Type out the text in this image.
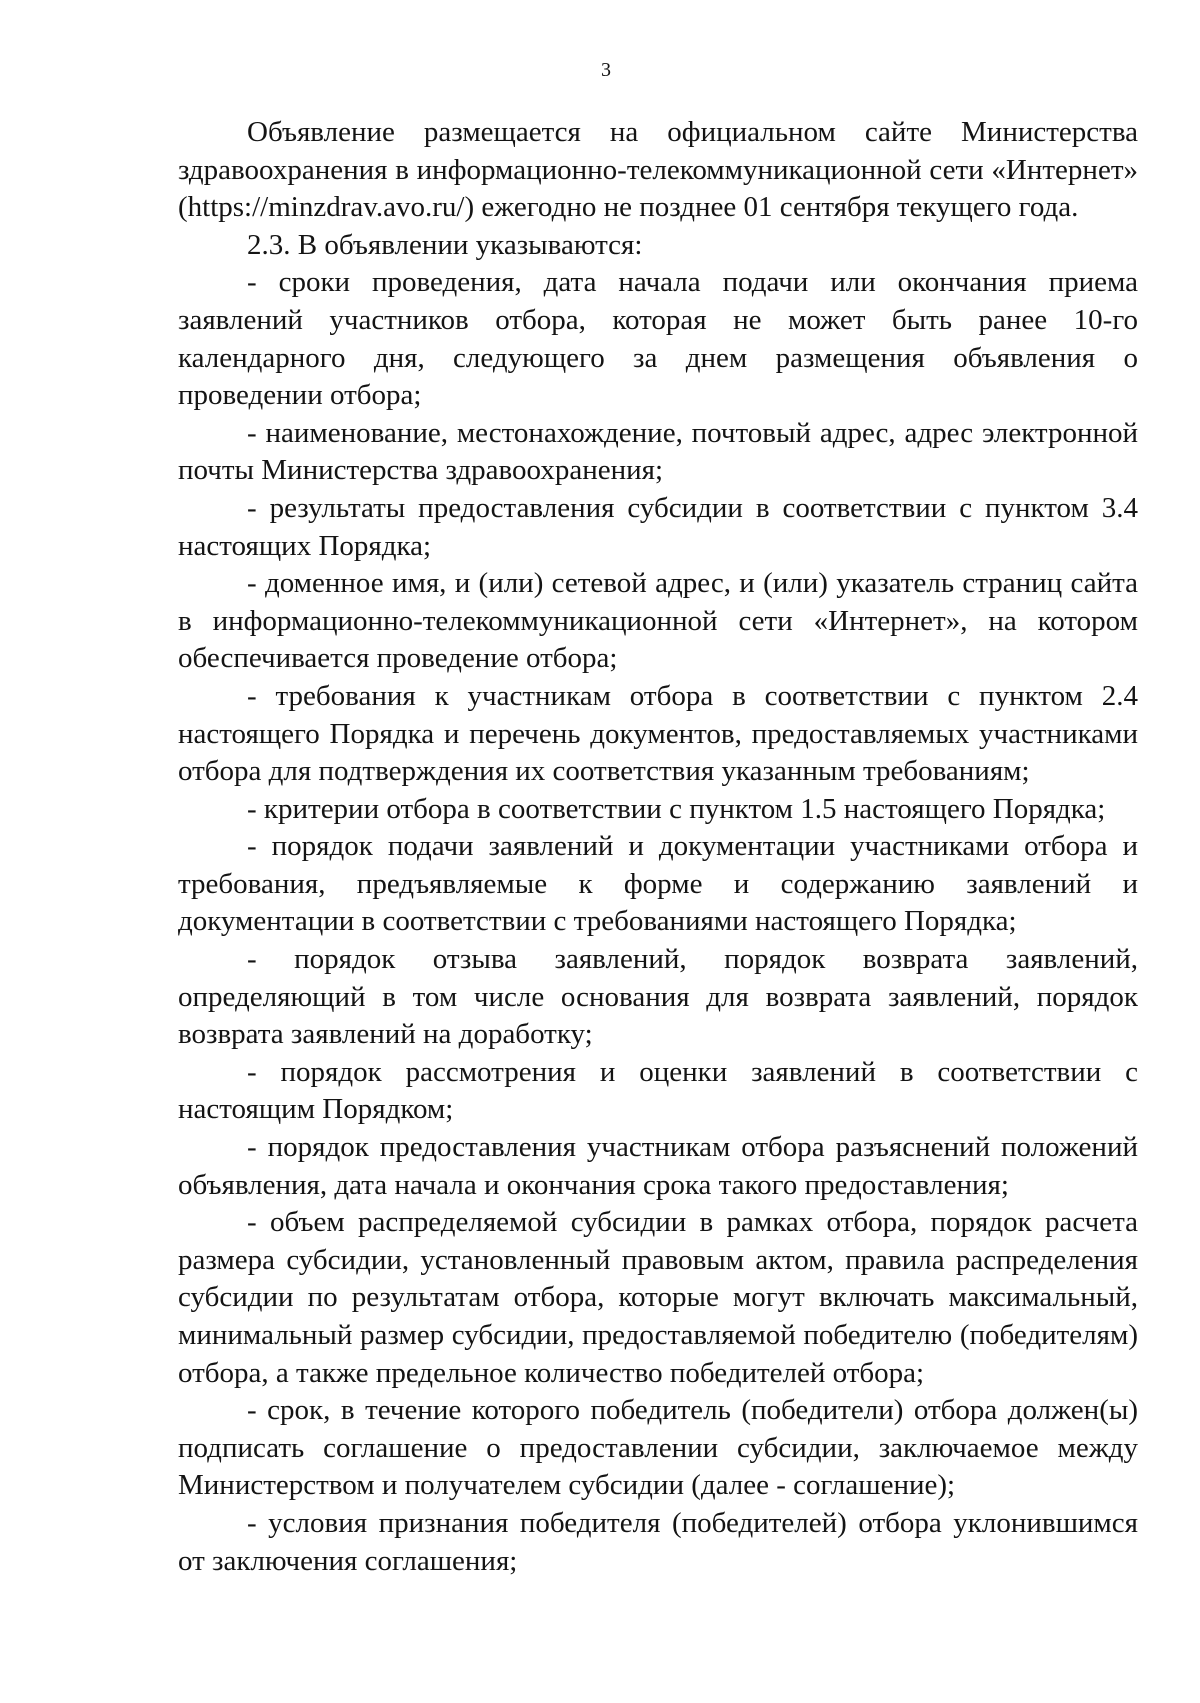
3

Объявление размещается на официальном сайте Министерства здравоохранения в информационно-телекоммуникационной сети «Интернет» (https://minzdrav.avo.ru/) ежегодно не позднее 01 сентября текущего года.

2.3. В объявлении указываются:

- сроки проведения, дата начала подачи или окончания приема заявлений участников отбора, которая не может быть ранее 10-го календарного дня, следующего за днем размещения объявления о проведении отбора;

- наименование, местонахождение, почтовый адрес, адрес электронной почты Министерства здравоохранения;

- результаты предоставления субсидии в соответствии с пунктом 3.4 настоящих Порядка;

- доменное имя, и (или) сетевой адрес, и (или) указатель страниц сайта в информационно-телекоммуникационной сети «Интернет», на котором обеспечивается проведение отбора;

- требования к участникам отбора в соответствии с пунктом 2.4 настоящего Порядка и перечень документов, предоставляемых участниками отбора для подтверждения их соответствия указанным требованиям;

- критерии отбора в соответствии с пунктом 1.5 настоящего Порядка;

- порядок подачи заявлений и документации участниками отбора и требования, предъявляемые к форме и содержанию заявлений и документации в соответствии с требованиями настоящего Порядка;

- порядок отзыва заявлений, порядок возврата заявлений, определяющий в том числе основания для возврата заявлений, порядок возврата заявлений на доработку;

- порядок рассмотрения и оценки заявлений в соответствии с настоящим Порядком;

- порядок предоставления участникам отбора разъяснений положений объявления, дата начала и окончания срока такого предоставления;

- объем распределяемой субсидии в рамках отбора, порядок расчета размера субсидии, установленный правовым актом, правила распределения субсидии по результатам отбора, которые могут включать максимальный, минимальный размер субсидии, предоставляемой победителю (победителям) отбора, а также предельное количество победителей отбора;

- срок, в течение которого победитель (победители) отбора должен(ы) подписать соглашение о предоставлении субсидии, заключаемое между Министерством и получателем субсидии (далее - соглашение);

- условия признания победителя (победителей) отбора уклонившимся от заключения соглашения;
